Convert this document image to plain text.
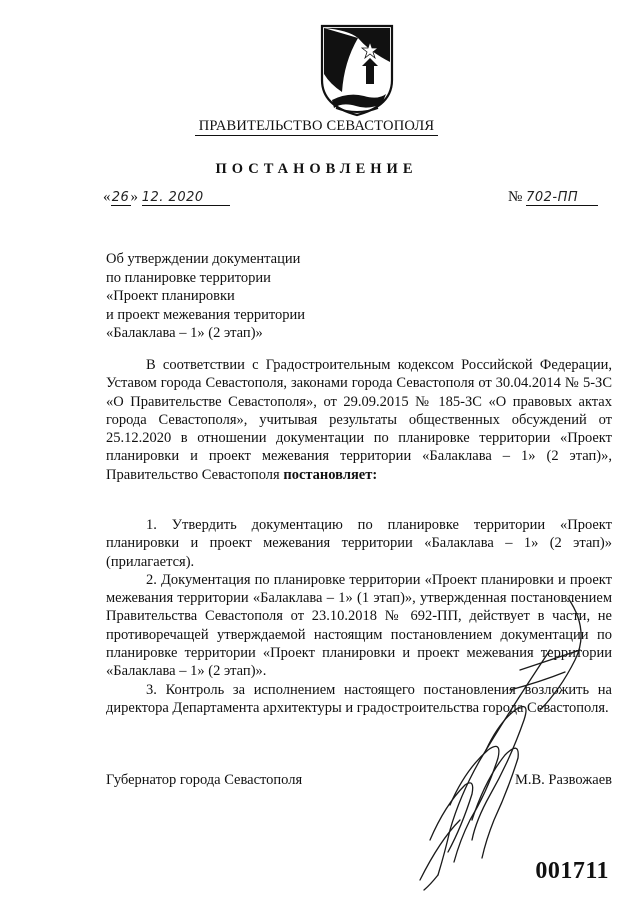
ПРАВИТЕЛЬСТВО СЕВАСТОПОЛЯ
ПОСТАНОВЛЕНИЕ
«26» 12. 2020	№ 702-ПП
Об утверждении документации
по планировке территории
«Проект планировки
и проект межевания территории
«Балаклава – 1» (2 этап)»

В соответствии с Градостроительным кодексом Российской Федерации, Уставом города Севастополя, законами города Севастополя от 30.04.2014 № 5-ЗС «О Правительстве Севастополя», от 29.09.2015 № 185-ЗС «О правовых актах города Севастополя», учитывая результаты общественных обсуждений от 25.12.2020 в отношении документации по планировке территории «Проект планировки и проект межевания территории «Балаклава – 1» (2 этап)», Правительство Севастополя постановляет:

1. Утвердить документацию по планировке территории «Проект планировки и проект межевания территории «Балаклава – 1» (2 этап)» (прилагается).

2. Документация по планировке территории «Проект планировки и проект межевания территории «Балаклава – 1» (1 этап)», утвержденная постановлением Правительства Севастополя от 23.10.2018 № 692-ПП, действует в части, не противоречащей утверждаемой настоящим постановлением документации по планировке территории «Проект планировки и проект межевания территории «Балаклава – 1» (2 этап)».

3. Контроль за исполнением настоящего постановления возложить на директора Департамента архитектуры и градостроительства города Севастополя.

Губернатор города Севастополя	М.В. Развожаев
001711
